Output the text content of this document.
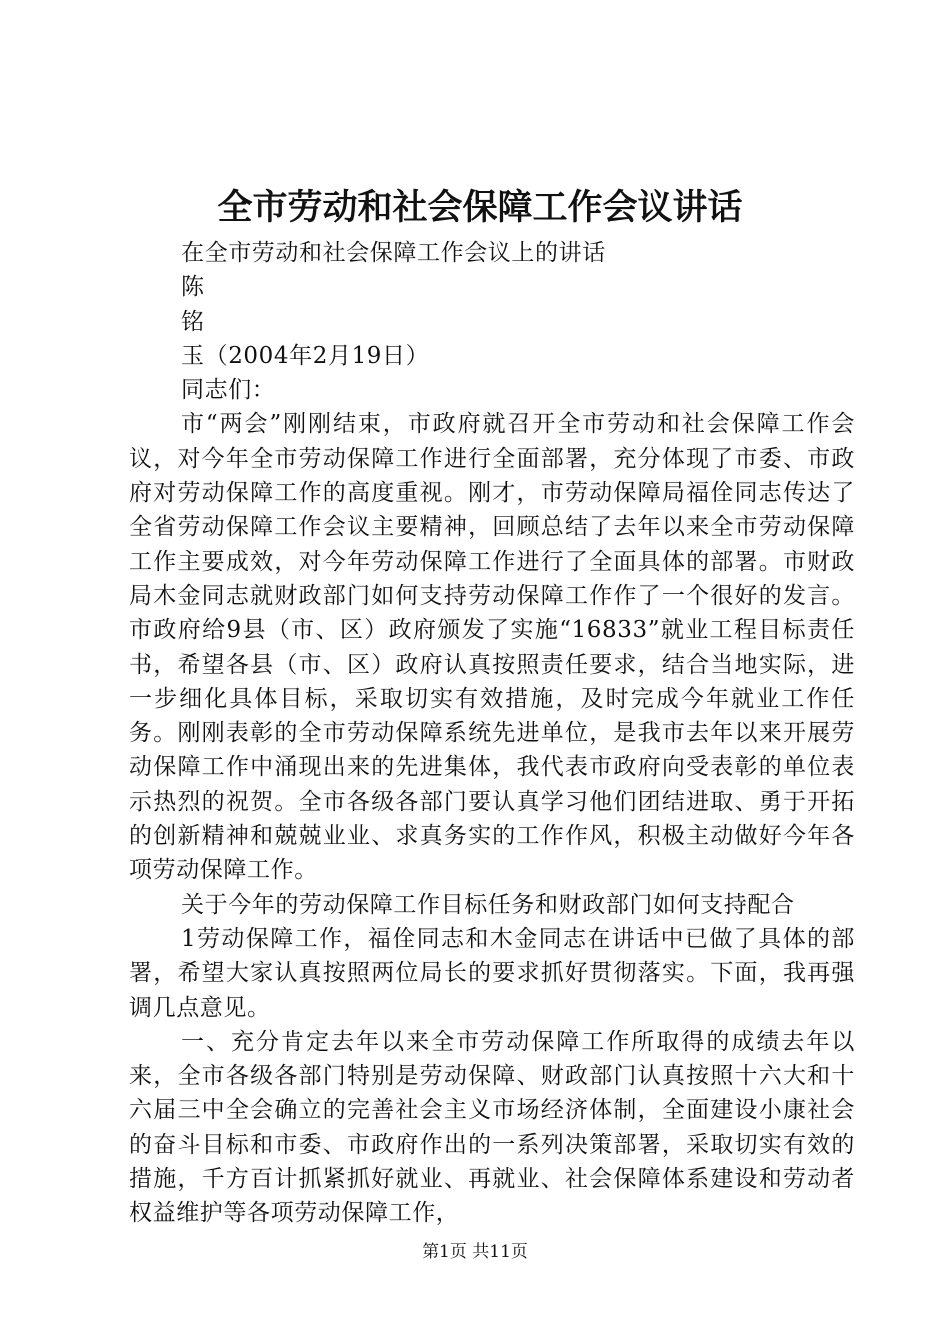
全市劳动和社会保障工作会议讲话

在全市劳动和社会保障工作会议上的讲话

陈

铭

玉（2004年2月19日）

同志们：

市“两会”刚刚结束，市政府就召开全市劳动和社会保障工作会议，对今年全市劳动保障工作进行全面部署，充分体现了市委、市政府对劳动保障工作的高度重视。刚才，市劳动保障局福佺同志传达了全省劳动保障工作会议主要精神，回顾总结了去年以来全市劳动保障工作主要成效，对今年劳动保障工作进行了全面具体的部署。市财政局木金同志就财政部门如何支持劳动保障工作作了一个很好的发言。市政府给9县（市、区）政府颁发了实施“16833”就业工程目标责任书，希望各县（市、区）政府认真按照责任要求，结合当地实际，进一步细化具体目标，采取切实有效措施，及时完成今年就业工作任务。刚刚表彰的全市劳动保障系统先进单位，是我市去年以来开展劳动保障工作中涌现出来的先进集体，我代表市政府向受表彰的单位表示热烈的祝贺。全市各级各部门要认真学习他们团结进取、勇于开拓的创新精神和兢兢业业、求真务实的工作作风，积极主动做好今年各项劳动保障工作。

关于今年的劳动保障工作目标任务和财政部门如何支持配合

1劳动保障工作，福佺同志和木金同志在讲话中已做了具体的部署，希望大家认真按照两位局长的要求抓好贯彻落实。下面，我再强调几点意见。

一、充分肯定去年以来全市劳动保障工作所取得的成绩去年以来，全市各级各部门特别是劳动保障、财政部门认真按照十六大和十六届三中全会确立的完善社会主义市场经济体制，全面建设小康社会的奋斗目标和市委、市政府作出的一系列决策部署，采取切实有效的措施，千方百计抓紧抓好就业、再就业、社会保障体系建设和劳动者权益维护等各项劳动保障工作，

第1页 共11页
